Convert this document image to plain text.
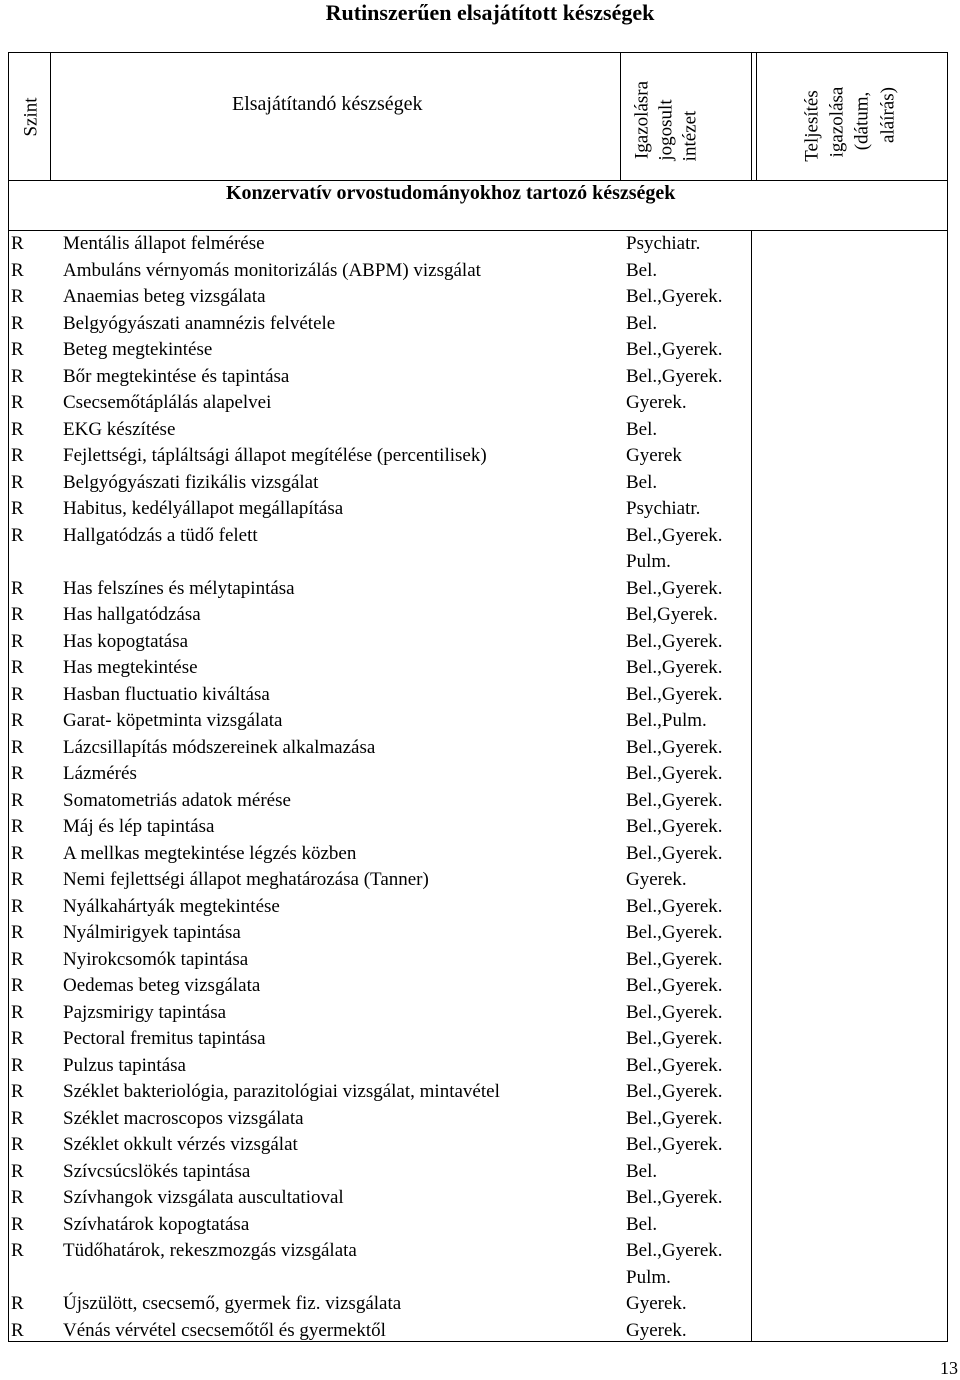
Rutinszerűen elsajátított készségek
Szint	Elsajátítandó készségek	Igazolásra jogosult intézet	Teljesítés igazolása (dátum, aláírás)
Konzervatív orvostudományokhoz tartozó készségek
R Mentális állapot felmérése	Psychiatr.
R Ambuláns vérnyomás monitorizálás (ABPM) vizsgálat	Bel.
R Anaemias beteg vizsgálata	Bel.,Gyerek.
R Belgyógyászati anamnézis felvétele	Bel.
R Beteg megtekintése	Bel.,Gyerek.
R Bőr megtekintése és tapintása	Bel.,Gyerek.
R Csecsemőtáplálás alapelvei	Gyerek.
R EKG készítése	Bel.
R Fejlettségi, tápláltsági állapot megítélése (percentilisek)	Gyerek
R Belgyógyászati fizikális vizsgálat	Bel.
R Habitus, kedélyállapot megállapítása	Psychiatr.
R Hallgatódzás a tüdő felett	Bel.,Gyerek.
Pulm.
R Has felszínes és mélytapintása	Bel.,Gyerek.
R Has hallgatódzása	Bel,Gyerek.
R Has kopogtatása	Bel.,Gyerek.
R Has megtekintése	Bel.,Gyerek.
R Hasban fluctuatio kiváltása	Bel.,Gyerek.
R Garat- köpetminta vizsgálata	Bel.,Pulm.
R Lázcsillapítás módszereinek alkalmazása	Bel.,Gyerek.
R Lázmérés	Bel.,Gyerek.
R Somatometriás adatok mérése	Bel.,Gyerek.
R Máj és lép tapintása	Bel.,Gyerek.
R A mellkas megtekintése légzés közben	Bel.,Gyerek.
R Nemi fejlettségi állapot meghatározása (Tanner)	Gyerek.
R Nyálkahártyák megtekintése	Bel.,Gyerek.
R Nyálmirigyek tapintása	Bel.,Gyerek.
R Nyirokcsomók tapintása	Bel.,Gyerek.
R Oedemas beteg vizsgálata	Bel.,Gyerek.
R Pajzsmirigy tapintása	Bel.,Gyerek.
R Pectoral fremitus tapintása	Bel.,Gyerek.
R Pulzus tapintása	Bel.,Gyerek.
R Széklet bakteriológia, parazitológiai vizsgálat, mintavétel	Bel.,Gyerek.
R Széklet macroscopos vizsgálata	Bel.,Gyerek.
R Széklet okkult vérzés vizsgálat	Bel.,Gyerek.
R Szívcsúcslökés tapintása	Bel.
R Szívhangok vizsgálata auscultatioval	Bel.,Gyerek.
R Szívhatárok kopogtatása	Bel.
R Tüdőhatárok, rekeszmozgás vizsgálata	Bel.,Gyerek.
Pulm.
R Újszülött, csecsemő, gyermek fiz. vizsgálata	Gyerek.
R Vénás vérvétel csecsemőtől és gyermektől	Gyerek.
13
